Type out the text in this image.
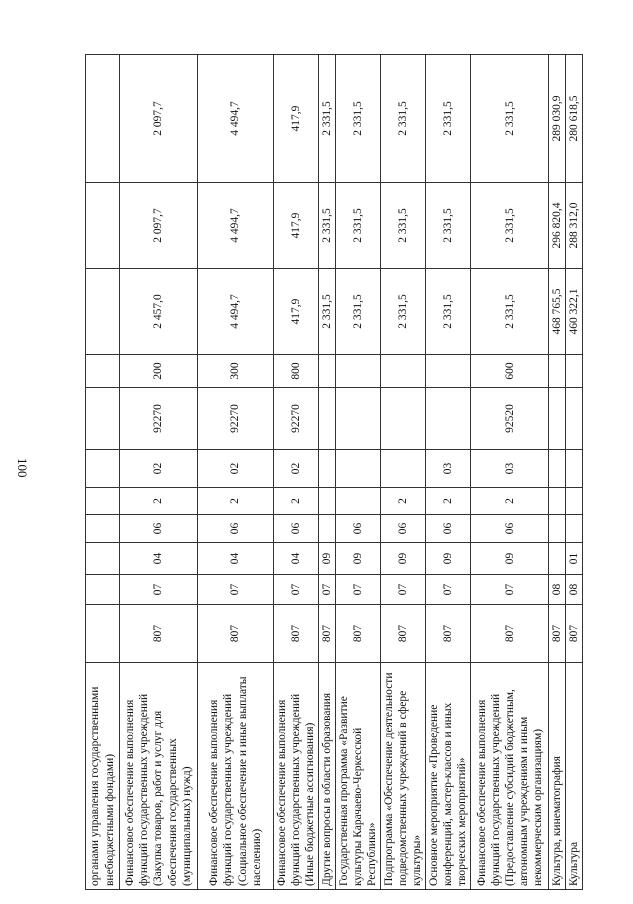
100
органами управления государственными внебюджетными фондами)											

Финансовое обеспечение выполнения функций государственных учреждений (Закупка товаров, работ и услуг для обеспечения государственных (муниципальных) нужд)	807	07	04	06	2	02	92270	200	2 457,0	2 097,7	2 097,7

Финансовое обеспечение выполнения функций государственных учреждений (Социальное обеспечение и иные выплаты населению)	807	07	04	06	2	02	92270	300	4 494,7	4 494,7	4 494,7

Финансовое обеспечение выполнения функций государственных учреждений (Иные бюджетные ассигнования)	807	07	04	06	2	02	92270	800	417,9	417,9	417,9

Другие вопросы в области образования	807	07	09						2 331,5	2 331,5	2 331,5

Государственная программа «Развитие культуры Карачаево-Черкесской Республики»	807	07	09	06					2 331,5	2 331,5	2 331,5

Подпрограмма «Обеспечение деятельности подведомственных учреждений в сфере культуры»	807	07	09	06	2				2 331,5	2 331,5	2 331,5

Основное мероприятие «Проведение конференций, мастер-классов и иных творческих мероприятий»	807	07	09	06	2	03			2 331,5	2 331,5	2 331,5

Финансовое обеспечение выполнения функций государственных учреждений (Предоставление субсидий бюджетным, автономным учреждениям и иным некоммерческим организациям)	807	07	09	06	2	03	92520	600	2 331,5	2 331,5	2 331,5

Культура, кинематография	807	08							468 765,5	296 820,4	289 030,9

Культура	807	08	01						460 322,1	288 312,0	280 618,5
